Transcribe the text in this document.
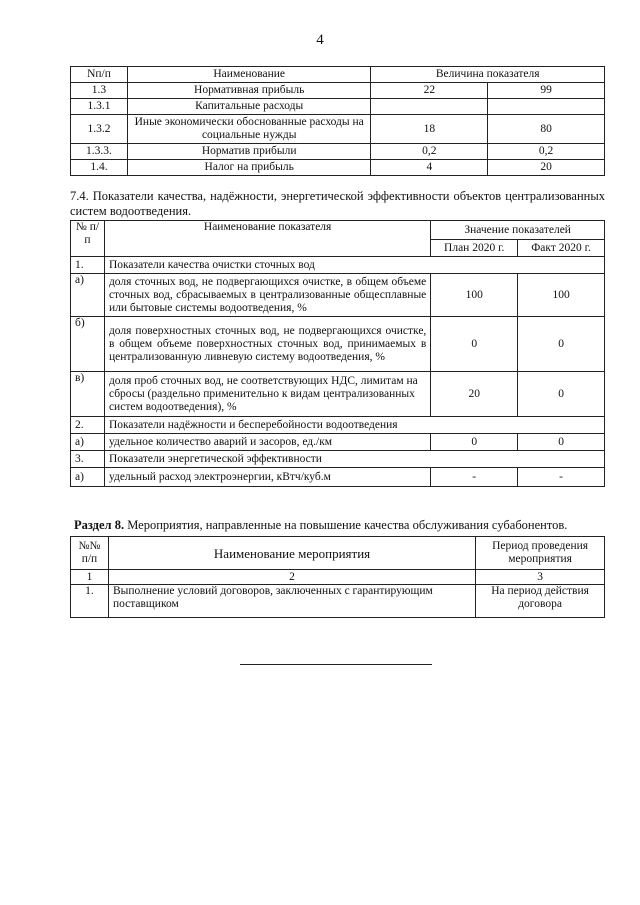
4
Nп/п	Наименование	Величина показателя	
1.3	Нормативная прибыль	22	99
1.3.1	Капитальные расходы		
1.3.2	Иные экономически обоснованные расходы на социальные нужды	18	80
1.3.3.	Норматив прибыли	0,2	0,2
1.4.	Налог на прибыль	4	20
7.4. Показатели качества, надёжности, энергетической эффективности объектов централизованных систем водоотведения.
№ п/п	Наименование показателя	Значение показателей	
		План 2020 г.	Факт 2020 г.
1.	Показатели качества очистки сточных вод		
а)	доля сточных вод, не подвергающихся очистке, в общем объеме сточных вод, сбрасываемых в централизованные общесплавные или бытовые системы водоотведения, %	100	100
б)	доля поверхностных сточных вод, не подвергающихся очистке, в общем объеме поверхностных сточных вод, принимаемых в централизованную ливневую систему водоотведения, %	0	0
в)	доля проб сточных вод, не соответствующих НДС, лимитам на сбросы (раздельно применительно к видам централизованных систем водоотведения), %	20	0
2.	Показатели надёжности и бесперебойности водоотведения		
а)	удельное количество аварий и засоров, ед./км	0	0
3.	Показатели энергетической эффективности		
а)	удельный расход электроэнергии, кВтч/куб.м	-	-
Раздел 8. Мероприятия, направленные на повышение качества обслуживания субабонентов.
№№ п/п	Наименование мероприятия	Период проведения мероприятия
1	2	3
1.	Выполнение условий договоров, заключенных с гарантирующим поставщиком	На период действия договора
